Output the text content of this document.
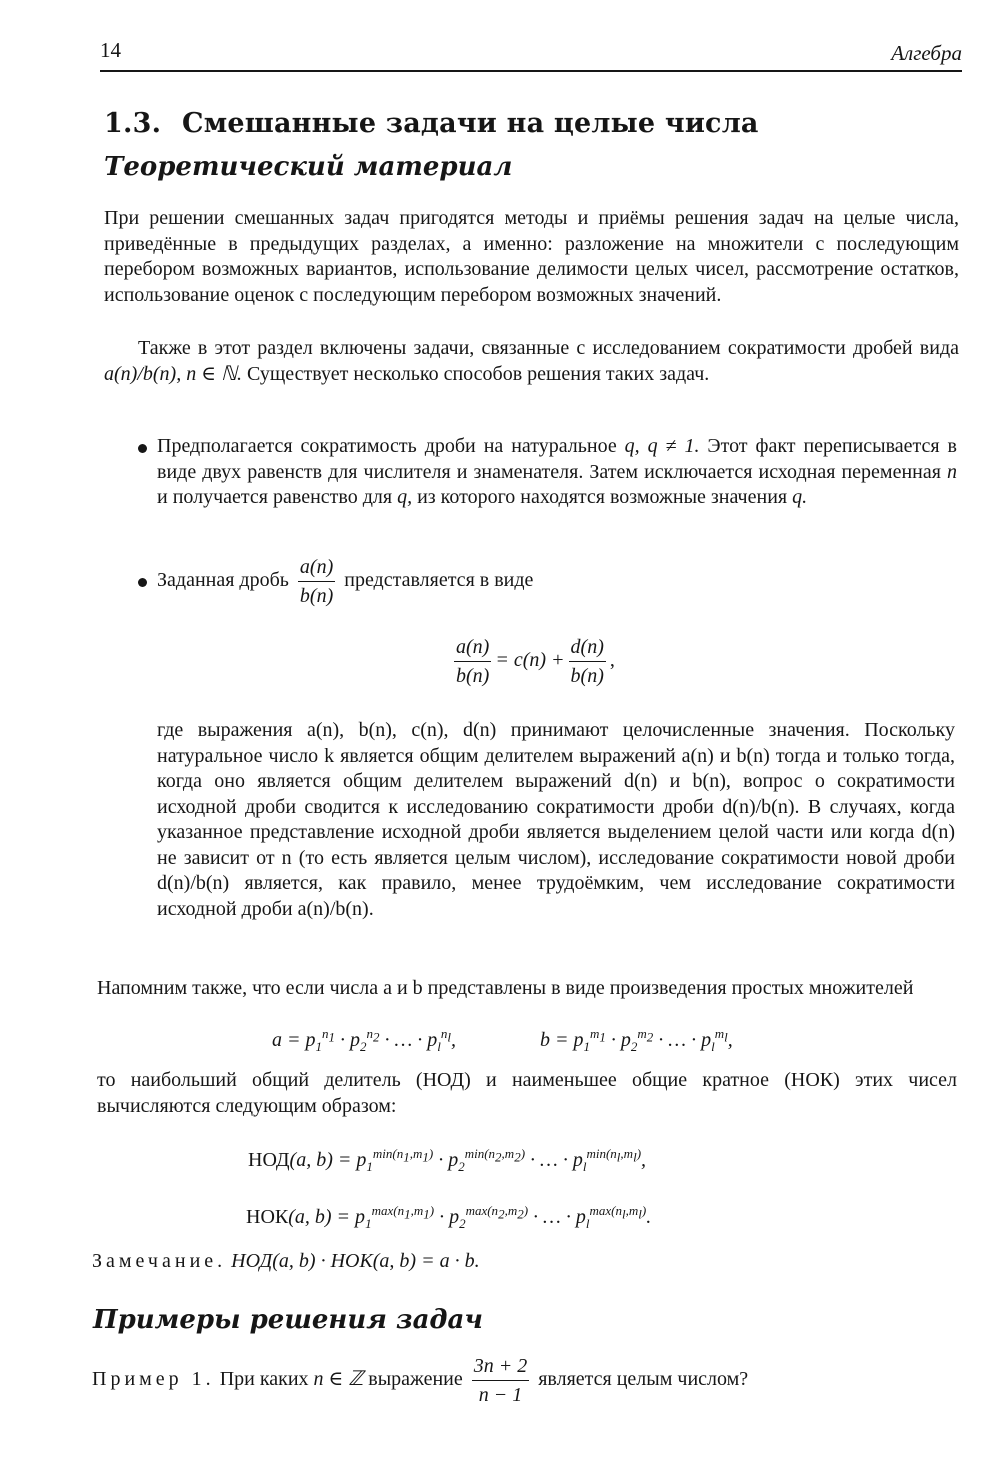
14	Алгебра
1.3. Смешанные задачи на целые числа
Теоретический материал

При решении смешанных задач пригодятся методы и приёмы решения задач на целые числа, приведённые в предыдущих разделах, а именно: разложение на множители с последующим перебором возможных вариантов, использование делимости целых чисел, рассмотрение остатков, использование оценок с последующим перебором возможных значений.

Также в этот раздел включены задачи, связанные с исследованием сократимости дробей вида a(n)/b(n), n ∈ ℕ. Существует несколько способов решения таких задач.

Предполагается сократимость дроби на натуральное q, q ≠ 1. Этот факт переписывается в виде двух равенств для числителя и знаменателя. Затем исключается исходная переменная n и получается равенство для q, из которого находятся возможные значения q.

Заданная дробь $\frac{a(n)}{b(n)}$ представляется в виде
$\frac{a(n)}{b(n)} = c(n) + \frac{d(n)}{b(n)}$ ,

где выражения a(n), b(n), c(n), d(n) принимают целочисленные значения. Поскольку натуральное число k является общим делителем выражений a(n) и b(n) тогда и только тогда, когда оно является общим делителем выражений d(n) и b(n), вопрос о сократимости исходной дроби сводится к исследованию сократимости дроби d(n)/b(n). В случаях, когда указанное представление исходной дроби является выделением целой части или когда d(n) не зависит от n (то есть является целым числом), исследование сократимости новой дроби d(n)/b(n) является, как правило, менее трудоёмким, чем исследование сократимости исходной дроби a(n)/b(n).

Напомним также, что если числа a и b представлены в виде произведения простых множителей

$a = p_1^{n_1} \cdot p_2^{n_2}$ · … · $p_l^{n_l}$,	$b = p_1^{m_1} \cdot p_2^{m_2}$ · … · $p_l^{m_l}$,

то наибольший общий делитель (НОД) и наименьшее общие кратное (НОК) этих чисел вычисляются следующим образом:

НОД(a, $b) = p_1^{min(n_1,m_1)} \cdot p_2^{min(n_2,m_2)}$ · … · $p_l^{min(n_l,m_l)}$,
НОК(a, $b) = p_1^{max(n_1,m_1)} \cdot p_2^{max(n_2,m_2)}$ · … · $p_l^{max(n_l,m_l)}$.
Замечание. НОД(a, b) · НОК(a, b) = a · b.
Примеры решения задач
Пример 1. При каких n ∈ ℤ выражение $\frac{3n + 2}{n - 1}$ является целым числом?
